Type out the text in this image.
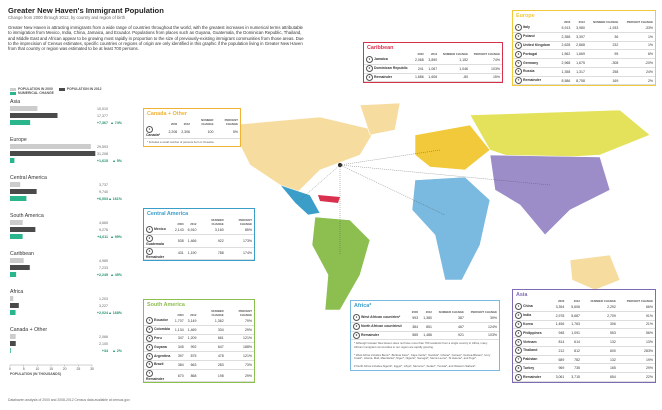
Greater New Haven's Immigrant Population
Change from 2000 through 2012, by country and region of birth
Greater New Haven is attracting immigrants from a wide range of countries throughout the world, with the greatest increases in numerical terms attributable to immigration from Mexico, India, China, Jamaica, and Ecuador. Populations from places such as Guyana, Guatemala, the Dominican Republic, Thailand, and Middle East and African appear to be growing most rapidly in proportion to the size of previously-existing immigrant communities from those areas. Due to the imprecision of Census estimates, specific countries or regions of origin are only identified in this graphic if the population living in Greater New Haven from that country or region was estimated to be at least 700 persons.
POPULATION IN 2000	POPULATION IN 2012 NUMERICAL CHANGE
Asia
10,010
17,377
+7,367 ▲ 74%
Europe
29,593
31,208
+1,615 ▲ 5%
Central America
3,737
9,740
+6,003 ▲ 161%
South America
4,665
9,276
+4,611 ▲ 99%
Caribbean
4,989
7,233
+2,245 ▲ 45%
Africa
1,203
3,227
+2,024 ▲ 168%
Canada + Other
2,066
2,100
+34 ▲ 2%
0	5	10	15	20	25	30
POPULATION (IN THOUSANDS)
Canada + Other
	2000	2012	NUMBER CHANGE	PERCENT CHANGE
1Canada*	2,206	2,306	100	5%
* Includes a small number of persons born in Oceania
Caribbean
	2000	2012	NUMBER CHANGE	PERCENT CHANGE
1 Jamaica	2,068	3,890	1,152	74%
2 Dominican Republic	241	1,067	1,046	103%
3 Remainder	1,686	1,606	-80	15%
Europe
	2000	2012	NUMBER CHANGE	PERCENT CHANGE
1 Italy	5,913	3,980	-1,933	-33%
2 Poland	2,358	3,397	36	1%
3 United Kingdom	2,628	2,868	232	1%
4 Portugal	1,562	1,669	95	6%
5 Germany	2,968	1,675	-308	-20%
6 Russia	1,358	1,317	258	24%
7 Remainder	8,586	8,758	169	2%
Central America
	2000	2012	NUMBER CHANGE	PERCENT CHANGE
1 Mexico	2,143	6,910	3,160	85%
2Guatemala	538	1,466	922	173%
3Remainder	431	1,190	788	174%
South America
	2000	2012	NUMBER CHANGE	PERCENT CHANGE
1 Ecuador	1,707	3,149	1,362	79%
2 Colombia	1,134	1,469	334	29%
3 Peru	347	1,209	661	121%
4 Guyana	345	992	647	188%
5 Argentina	397	875	478	121%
6 Brazil	384	663	283	73%
7Remainder	670	868	198	29%
Africa*
	2000	2012	NUMBER CHANGE	PERCENT CHANGE
1 West African countries*	993	1,380	387	39%
2 North African countries#	384	851	467	124%
3 Remainder	585	1,486	921	103%
* Although Greater New Haven does not have more than 700 residents from a single country in Africa, many African immigrant communities in our region are rapidly growing.
* West Africa includes Benin*, Burkina Faso*, Cape Verde*, Gambia*, Ghana*, Guinea*, Guinea-Bissau*, Ivory Coast*, Liberia, Mali, Mauritania*, Niger*, Nigeria*, Senegal*, Sierra Leone*, St Helena*, and Togo*.
# North Africa includes Algeria*, Egypt*, Libya*, Morocco*, Sudan*, Tunisia*, and Western Sahara*.
Asia
	2000	2012	NUMBER CHANGE	PERCENT CHANGE
1 China	3,394	5,606	2,292	66%
2 India	2,978	5,687	2,709	91%
3 Korea	1,456	1,763	306	21%
4 Philippines	948	1,091	553	56%
5 Vietnam	814	614	132	13%
6 Thailand	212	812	600	283%
7 Pakistan	689	782	132	19%
8 Turkey	969	735	165	29%
9 Remainder	3,061	3,715	654	22%
Datahaven analysis of 2000 and 2008-2012 Census data available at census.gov
